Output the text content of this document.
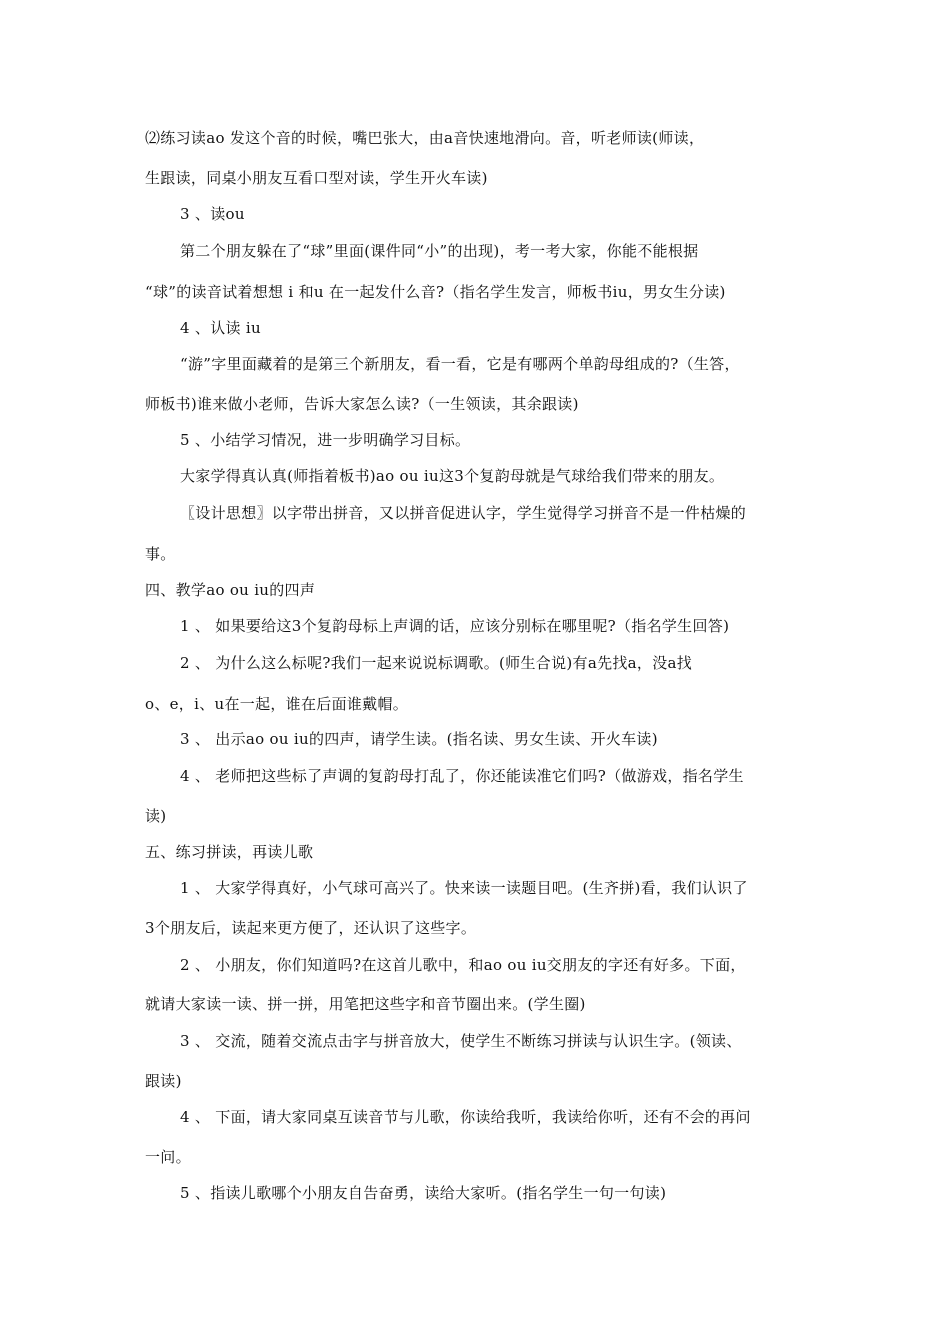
⑵练习读ao 发这个音的时候，嘴巴张大，由a音快速地滑向。音，听老师读(师读，
生跟读，同桌小朋友互看口型对读，学生开火车读)
3 、读ou
第二个朋友躲在了“球”里面(课件同“小”的出现)，考一考大家，你能不能根据
“球”的读音试着想想 i 和u 在一起发什么音?（指名学生发言，师板书iu，男女生分读)
4 、认读 iu
“游”字里面藏着的是第三个新朋友，看一看，它是有哪两个单韵母组成的?（生答，
师板书)谁来做小老师，告诉大家怎么读?（一生领读，其余跟读)
5 、小结学习情况，进一步明确学习目标。
大家学得真认真(师指着板书)ao ou iu这3个复韵母就是气球给我们带来的朋友。
〖设计思想〗以字带出拼音，又以拼音促进认字，学生觉得学习拼音不是一件枯燥的
事。
四、教学ao ou iu的四声
1 、 如果要给这3个复韵母标上声调的话，应该分别标在哪里呢?（指名学生回答)
2 、 为什么这么标呢?我们一起来说说标调歌。(师生合说)有a先找a，没a找
o、e，i、u在一起，谁在后面谁戴帽。
3 、 出示ao ou iu的四声，请学生读。(指名读、男女生读、开火车读)
4 、 老师把这些标了声调的复韵母打乱了，你还能读准它们吗?（做游戏，指名学生
读)
五、练习拼读，再读儿歌
1 、 大家学得真好，小气球可高兴了。快来读一读题目吧。(生齐拼)看，我们认识了
3个朋友后，读起来更方便了，还认识了这些字。
2 、 小朋友，你们知道吗?在这首儿歌中，和ao ou iu交朋友的字还有好多。下面，
就请大家读一读、拼一拼，用笔把这些字和音节圈出来。(学生圈)
3 、 交流，随着交流点击字与拼音放大，使学生不断练习拼读与认识生字。(领读、
跟读)
4 、 下面，请大家同桌互读音节与儿歌，你读给我听，我读给你听，还有不会的再问
一问。
5 、指读儿歌哪个小朋友自告奋勇，读给大家听。(指名学生一句一句读)
